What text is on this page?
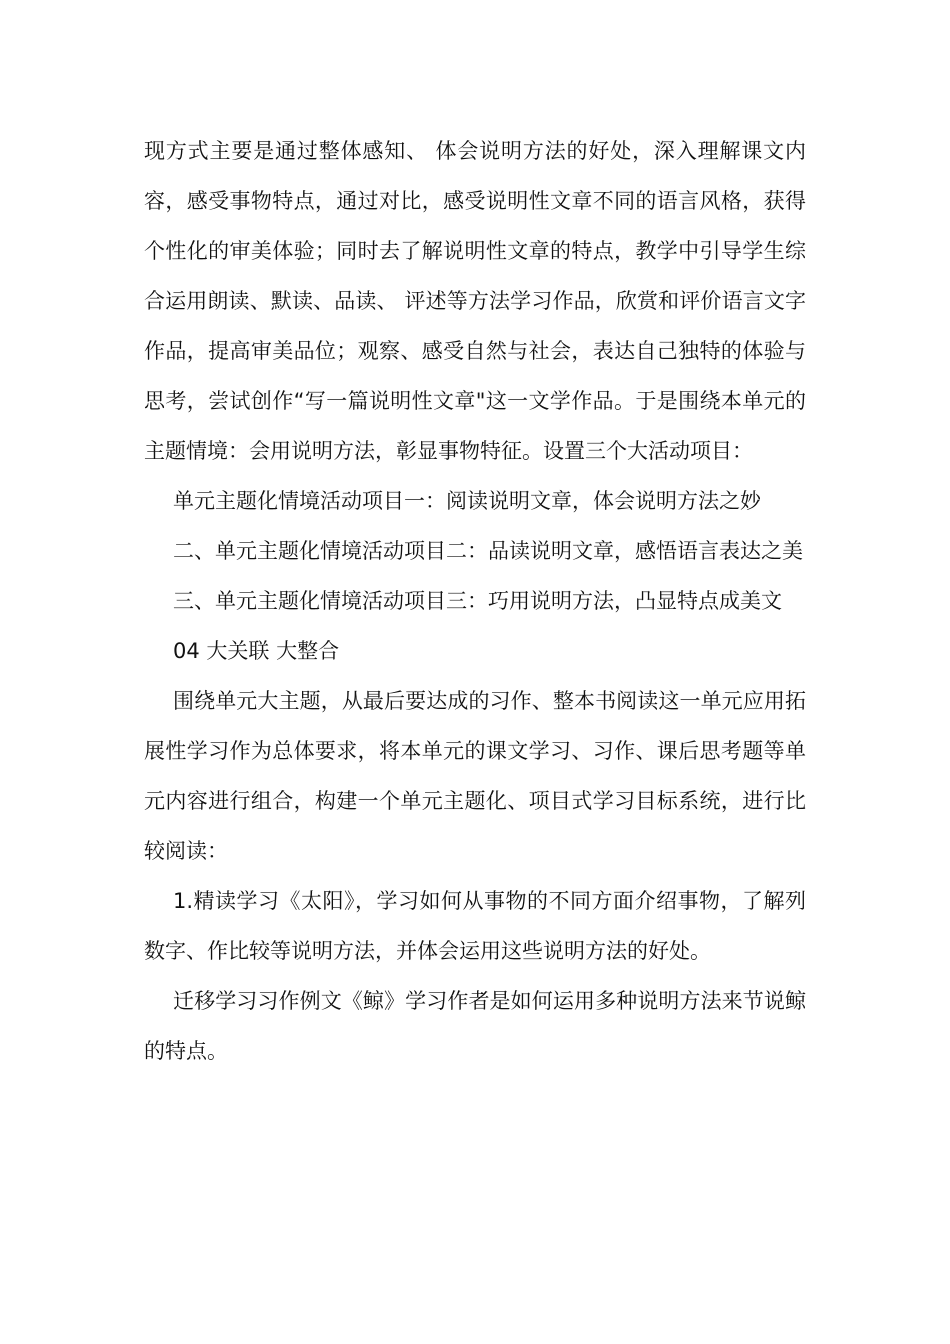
现方式主要是通过整体感知、 体会说明方法的好处，深入理解课文内容，感受事物特点，通过对比，感受说明性文章不同的语言风格，获得个性化的审美体验；同时去了解说明性文章的特点，教学中引导学生综合运用朗读、默读、品读、 评述等方法学习作品，欣赏和评价语言文字作品，提高审美品位；观察、感受自然与社会，表达自己独特的体验与思考，尝试创作“写一篇说明性文章"这一文学作品。于是围绕本单元的主题情境：会用说明方法，彰显事物特征。设置三个大活动项目：

单元主题化情境活动项目一：阅读说明文章，体会说明方法之妙

二、单元主题化情境活动项目二：品读说明文章，感悟语言表达之美

三、单元主题化情境活动项目三：巧用说明方法，凸显特点成美文

04 大关联 大整合

围绕单元大主题，从最后要达成的习作、整本书阅读这一单元应用拓展性学习作为总体要求，将本单元的课文学习、习作、课后思考题等单元内容进行组合，构建一个单元主题化、项目式学习目标系统，进行比较阅读：

1.精读学习《太阳》，学习如何从事物的不同方面介绍事物，了解列数字、作比较等说明方法，并体会运用这些说明方法的好处。

迁移学习习作例文《鲸》学习作者是如何运用多种说明方法来节说鲸的特点。
